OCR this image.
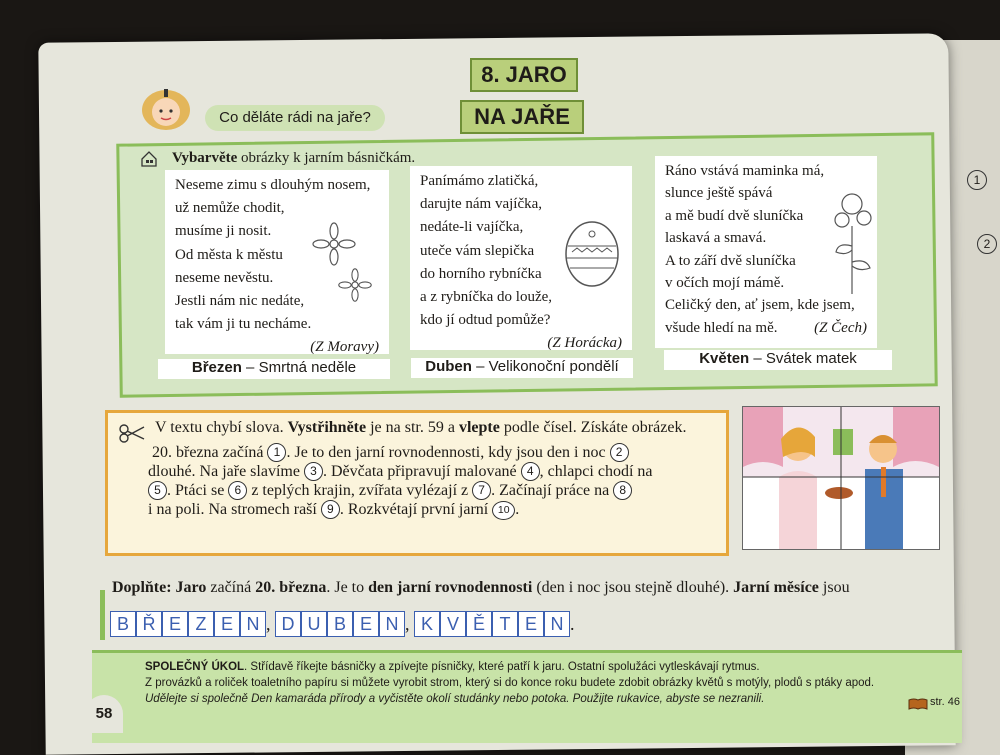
1
2
8. JARO
NA JAŘE
Co děláte rádi na jaře?
Vybarvěte obrázky k jarním básničkám.
Neseme zimu s dlouhým nosem,
už nemůže chodit,
musíme ji nosit.
Od města k městu
neseme nevěstu.
Jestli nám nic nedáte,
tak vám ji tu necháme.
(Z Moravy)
Březen – Smrtná neděle
Panímámo zlatičká,
darujte nám vajíčka,
nedáte-li vajíčka,
uteče vám slepička
do horního rybníčka
a z rybníčka do louže,
kdo jí odtud pomůže?
(Z Horácka)
Duben – Velikonoční pondělí
Ráno vstává maminka má,
slunce ještě spává
a mě budí dvě sluníčka
laskavá a smavá.
A to září dvě sluníčka
v očích mojí mámě.
Celičký den, ať jsem, kde jsem,
všude hledí na mě. (Z Čech)
Květen – Svátek matek
V textu chybí slova. Vystřihněte je na str. 59 a vlepte podle čísel. Získáte obrázek.
20. března začíná 1 . Je to den jarní rovnodennosti, kdy jsou den i noc 2
dlouhé. Na jaře slavíme 3 . Děvčata připravují malované 4 , chlapci chodí na
5 . Ptáci se 6 z teplých krajin, zvířata vylézají z 7 . Začínají práce na 8
i na poli. Na stromech raší 9 . Rozkvétají první jarní 10 .
Doplňte: Jaro začíná 20. března. Je to den jarní rovnodennosti (den i noc jsou stejně dlouhé). Jarní měsíce jsou
B Ř E Z E N , D U B E N , K V Ě T E N .
SPOLEČNÝ ÚKOL. Střídavě říkejte básničky a zpívejte písničky, které patří k jaru. Ostatní spolužáci vytleskávají rytmus.
Z provázků a roliček toaletního papíru si můžete vyrobit strom, který si do konce roku budete zdobit obrázky květů s motýly, plodů s ptáky apod.
Udělejte si společně Den kamaráda přírody a vyčistěte okolí studánky nebo potoka. Použijte rukavice, abyste se nezranili.	str. 46
58
